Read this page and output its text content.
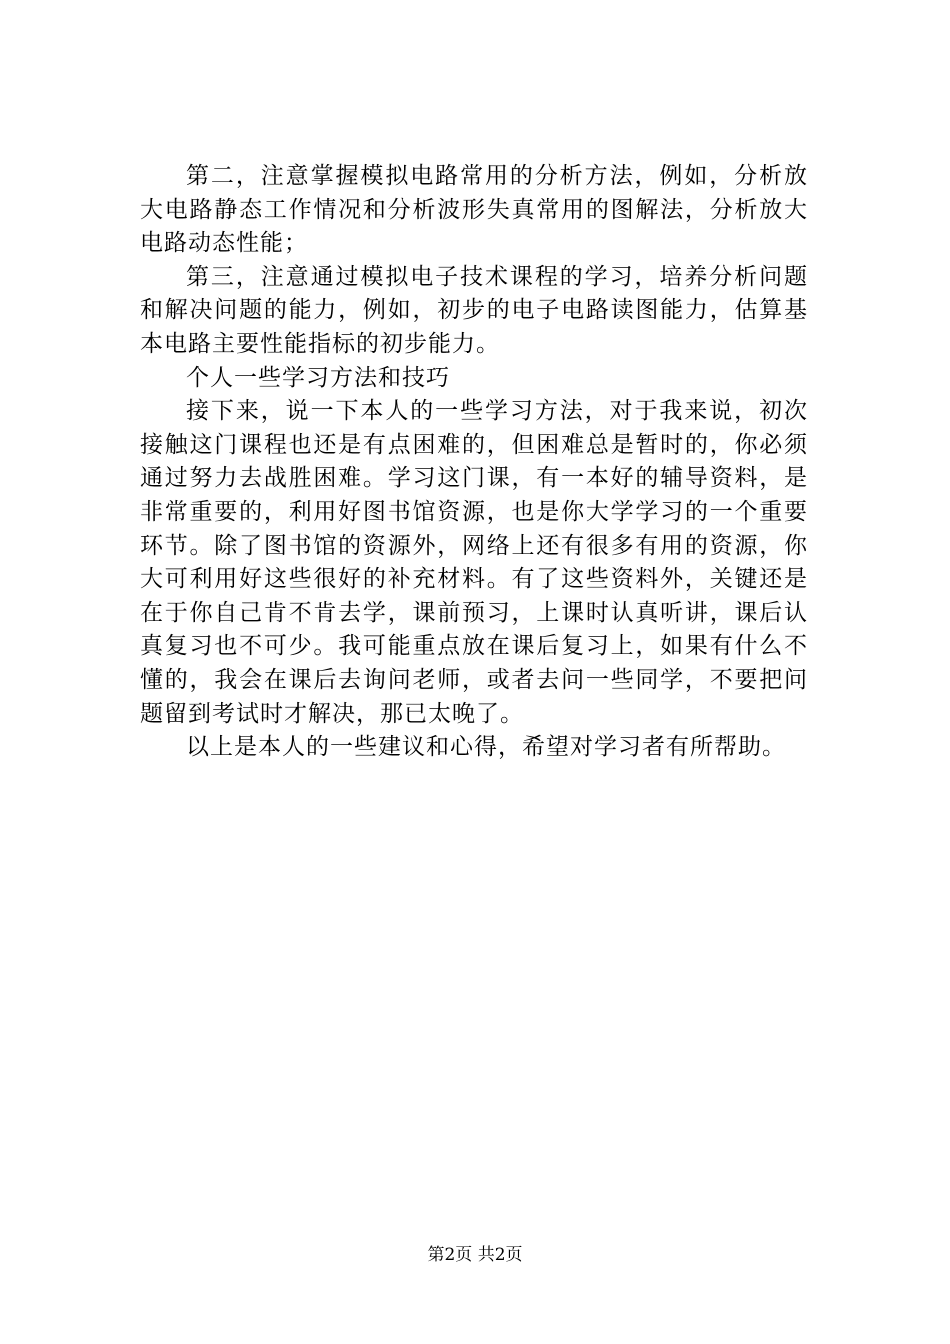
第二，注意掌握模拟电路常用的分析方法，例如，分析放大电路静态工作情况和分析波形失真常用的图解法，分析放大电路动态性能；

第三，注意通过模拟电子技术课程的学习，培养分析问题和解决问题的能力，例如，初步的电子电路读图能力，估算基本电路主要性能指标的初步能力。

个人一些学习方法和技巧

接下来，说一下本人的一些学习方法，对于我来说，初次接触这门课程也还是有点困难的，但困难总是暂时的，你必须通过努力去战胜困难。学习这门课，有一本好的辅导资料，是非常重要的，利用好图书馆资源，也是你大学学习的一个重要环节。除了图书馆的资源外，网络上还有很多有用的资源，你大可利用好这些很好的补充材料。有了这些资料外，关键还是在于你自己肯不肯去学，课前预习，上课时认真听讲，课后认真复习也不可少。我可能重点放在课后复习上，如果有什么不懂的，我会在课后去询问老师，或者去问一些同学，不要把问题留到考试时才解决，那已太晚了。

以上是本人的一些建议和心得，希望对学习者有所帮助。

第2页 共2页
